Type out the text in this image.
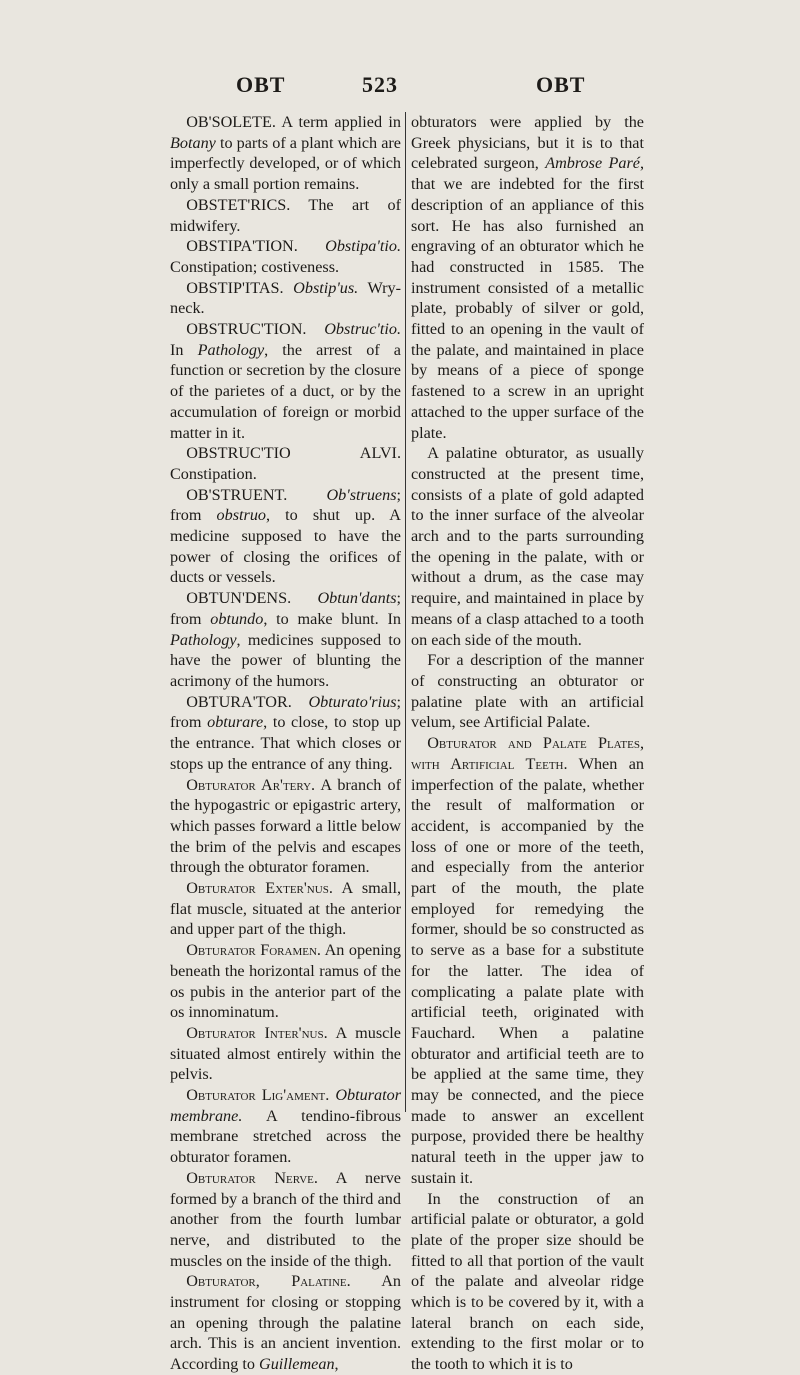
OBT	523	OBT

OB'SOLETE. A term applied in Botany to parts of a plant which are imperfectly developed, or of which only a small portion remains.

OBSTET'RICS. The art of midwifery.

OBSTIPA'TION. Obstipa'tio. Constipation; costiveness.

OBSTIP'ITAS. Obstip'us. Wry-neck.

OBSTRUC'TION. Obstruc'tio. In Pathology, the arrest of a function or secretion by the closure of the parietes of a duct, or by the accumulation of foreign or morbid matter in it.

OBSTRUC'TIO ALVI. Constipation.

OB'STRUENT. Ob'struens; from obstruo, to shut up. A medicine supposed to have the power of closing the orifices of ducts or vessels.

OBTUN'DENS. Obtun'dants; from obtundo, to make blunt. In Pathology, medicines supposed to have the power of blunting the acrimony of the humors.

OBTURA'TOR. Obturato'rius; from obturare, to close, to stop up the entrance. That which closes or stops up the entrance of any thing.

Obturator Ar'tery. A branch of the hypogastric or epigastric artery, which passes forward a little below the brim of the pelvis and escapes through the obturator foramen.

Obturator Exter'nus. A small, flat muscle, situated at the anterior and upper part of the thigh.

Obturator Foramen. An opening beneath the horizontal ramus of the os pubis in the anterior part of the os innominatum.

Obturator Inter'nus. A muscle situated almost entirely within the pelvis.

Obturator Lig'ament. Obturator membrane. A tendino-fibrous membrane stretched across the obturator foramen.

Obturator Nerve. A nerve formed by a branch of the third and another from the fourth lumbar nerve, and distributed to the muscles on the inside of the thigh.

Obturator, Palatine. An instrument for closing or stopping an opening through the palatine arch. This is an ancient invention. According to Guillemean,

obturators were applied by the Greek physicians, but it is to that celebrated surgeon, Ambrose Paré, that we are indebted for the first description of an appliance of this sort. He has also furnished an engraving of an obturator which he had constructed in 1585. The instrument consisted of a metallic plate, probably of silver or gold, fitted to an opening in the vault of the palate, and maintained in place by means of a piece of sponge fastened to a screw in an upright attached to the upper surface of the plate.

A palatine obturator, as usually constructed at the present time, consists of a plate of gold adapted to the inner surface of the alveolar arch and to the parts surrounding the opening in the palate, with or without a drum, as the case may require, and maintained in place by means of a clasp attached to a tooth on each side of the mouth.

For a description of the manner of constructing an obturator or palatine plate with an artificial velum, see Artificial Palate.

Obturator and Palate Plates, with Artificial Teeth. When an imperfection of the palate, whether the result of malformation or accident, is accompanied by the loss of one or more of the teeth, and especially from the anterior part of the mouth, the plate employed for remedying the former, should be so constructed as to serve as a base for a substitute for the latter. The idea of complicating a palate plate with artificial teeth, originated with Fauchard. When a palatine obturator and artificial teeth are to be applied at the same time, they may be connected, and the piece made to answer an excellent purpose, provided there be healthy natural teeth in the upper jaw to sustain it.

In the construction of an artificial palate or obturator, a gold plate of the proper size should be fitted to all that portion of the vault of the palate and alveolar ridge which is to be covered by it, with a lateral branch on each side, extending to the first molar or to the tooth to which it is to
